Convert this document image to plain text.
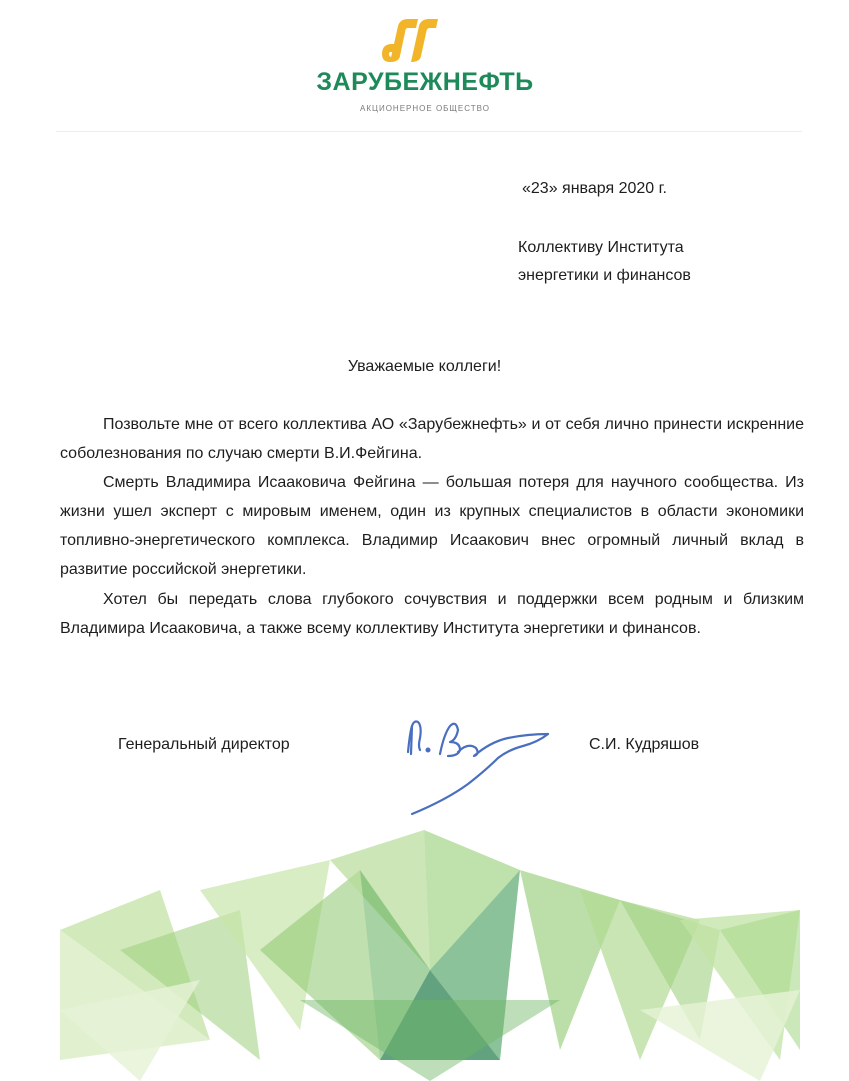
ЗАРУБЕЖНЕФТЬ
АКЦИОНЕРНОЕ ОБЩЕСТВО

«23» января 2020 г.

Коллективу Института

энергетики и финансов

Уважаемые коллеги!

Позвольте мне от всего коллектива АО «Зарубежнефть» и от себя лично принести искренние соболезнования по случаю смерти В.И.Фейгина.

Смерть Владимира Исааковича Фейгина — большая потеря для научного сообщества. Из жизни ушел эксперт с мировым именем, один из крупных специалистов в области экономики топливно-энергетического комплекса. Владимир Исаакович внес огромный личный вклад в развитие российской энергетики.

Хотел бы передать слова глубокого сочувствия и поддержки всем родным и близким Владимира Исааковича, а также всему коллективу Института энергетики и финансов.

Генеральный директор	С.И. Кудряшов
